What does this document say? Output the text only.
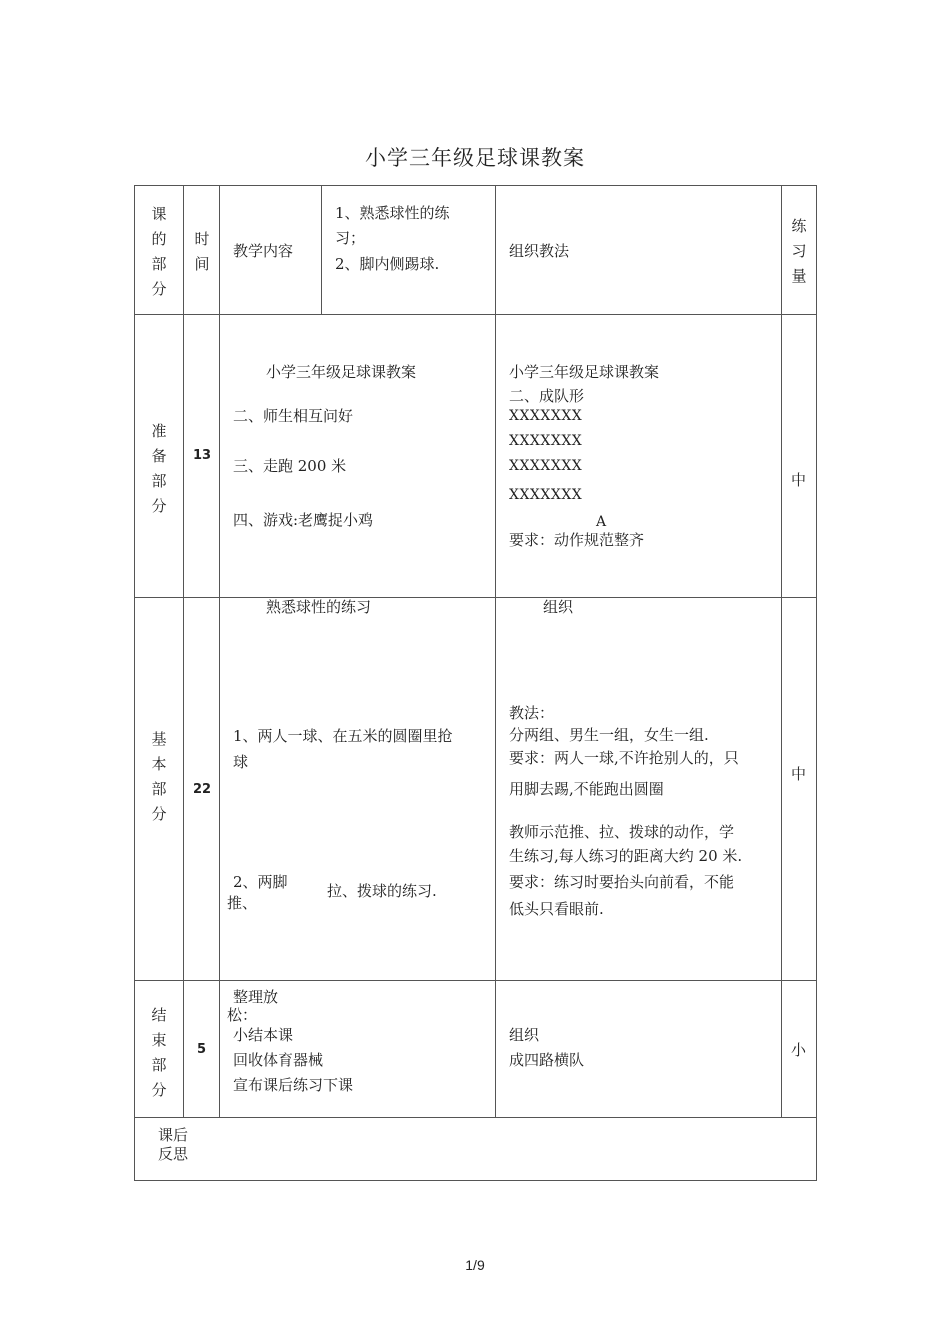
小学三年级足球课教案
课的部分
时间
教学内容
1、熟悉球性的练
习；
2、脚内侧踢球.
组织教法
练习量
准备部分
13
小学三年级足球课教案
二、师生相互问好
三、走跑 200 米
四、游戏:老鹰捉小鸡
小学三年级足球课教案
二、成队形
XXXXXXX
XXXXXXX
XXXXXXX
XXXXXXX
A
要求：动作规范整齐
中
基本部分
22
熟悉球性的练习
1、两人一球、在五米的圆圈里抢
球
2、两脚
推、
拉、拨球的练习.
组织
教法：
分两组、男生一组，女生一组.
要求：两人一球,不许抢别人的，只
用脚去踢,不能跑出圆圈
教师示范推、拉、拨球的动作，学
生练习,每人练习的距离大约 20 米.
要求：练习时要抬头向前看，不能
低头只看眼前.
中
结束部分
5
整理放
松：
小结本课
回收体育器械
宣布课后练习下课
组织
成四路横队
小
课后
反思
1/9
